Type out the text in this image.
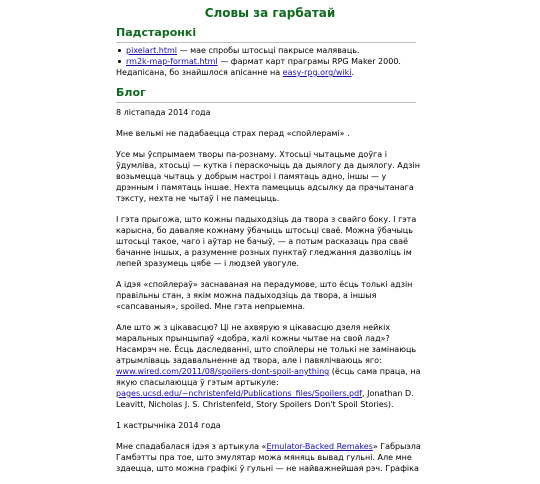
Словы за гарбатай
Падстаронкі
pixelart.html — мае спробы штосьці пакрысе маляваць.
rm2k-map-format.html — фармат карт праграмы RPG Maker 2000.
Недапісана, бо знайшлося апісанне на easy-rpg.org/wiki.
Блог
8 лістапада 2014 года

Мне вельмі не падабаецца страх перад «спойлерамі» .

Усе мы ўспрымаем творы па-рознаму. Хтосьці чытацьме доўга і ўдумліва, хтосьці — кутка і пераскочыць да дыялогу да дыялогу. Адзін возьмецца чытаць у добрым настроі і памятаць адно, іншы — у дрэнным і памятаць іншае. Нехта памецыць адсылку да прачытанага тэксту, нехта не чытаў і не памецыць.

І гэта прыгожа, што кожны падыходзіць да твора з свайго боку. І гэта карысна, бо даваляе кожнаму ўбачыць штосьці сваё. Можна ўбачыць штосьці такое, чаго і аўтар не бачыў, — а потым расказаць пра сваё бачанне іншых, а разуменне розных пунктаў гледжання дазволіць ім лепей зразумець цябе — і людзей увогуле.

А ідэя «спойлераў» заснаваная на перадумове, што ёсць толькі адзін правільны стан, з якім можна падыходзіць да твора, а іншыя «сапсаваныя», spoiled. Мне гэта непрыемна.

Але што ж з цікавасцю? Ці не ахвярую я цікавасцю дзеля нейкіх маральных прынцыпаў «добра, калі кожны чытае на свой лад»? Насамрэч не. Ёсць даследванні, што спойлеры не толькі не замінаюць атрымліваць задавальненне ад твора, але і павялічваюць яго: www.wired.com/2011/08/spoilers-dont-spoil-anything (ёсць сама праца, на якую спасылаюцца ў гэтым артыкуле: pages.ucsd.edu/~nchristenfeld/Publications_files/Spoilers.pdf, Jonathan D. Leavitt, Nicholas J. S. Christenfeld, Story Spoilers Don't Spoil Stories).

1 кастрычніка 2014 года

Мне спадабалася ідэя з артыкула «Emulator-Backed Remakes» Габрыэла Гамбэтты пра тое, што эмулятар можа мяняць вывад гульні. Але мне здаецца, што можна графікі ў гульні — не найважнейшая рэч. Графіка
